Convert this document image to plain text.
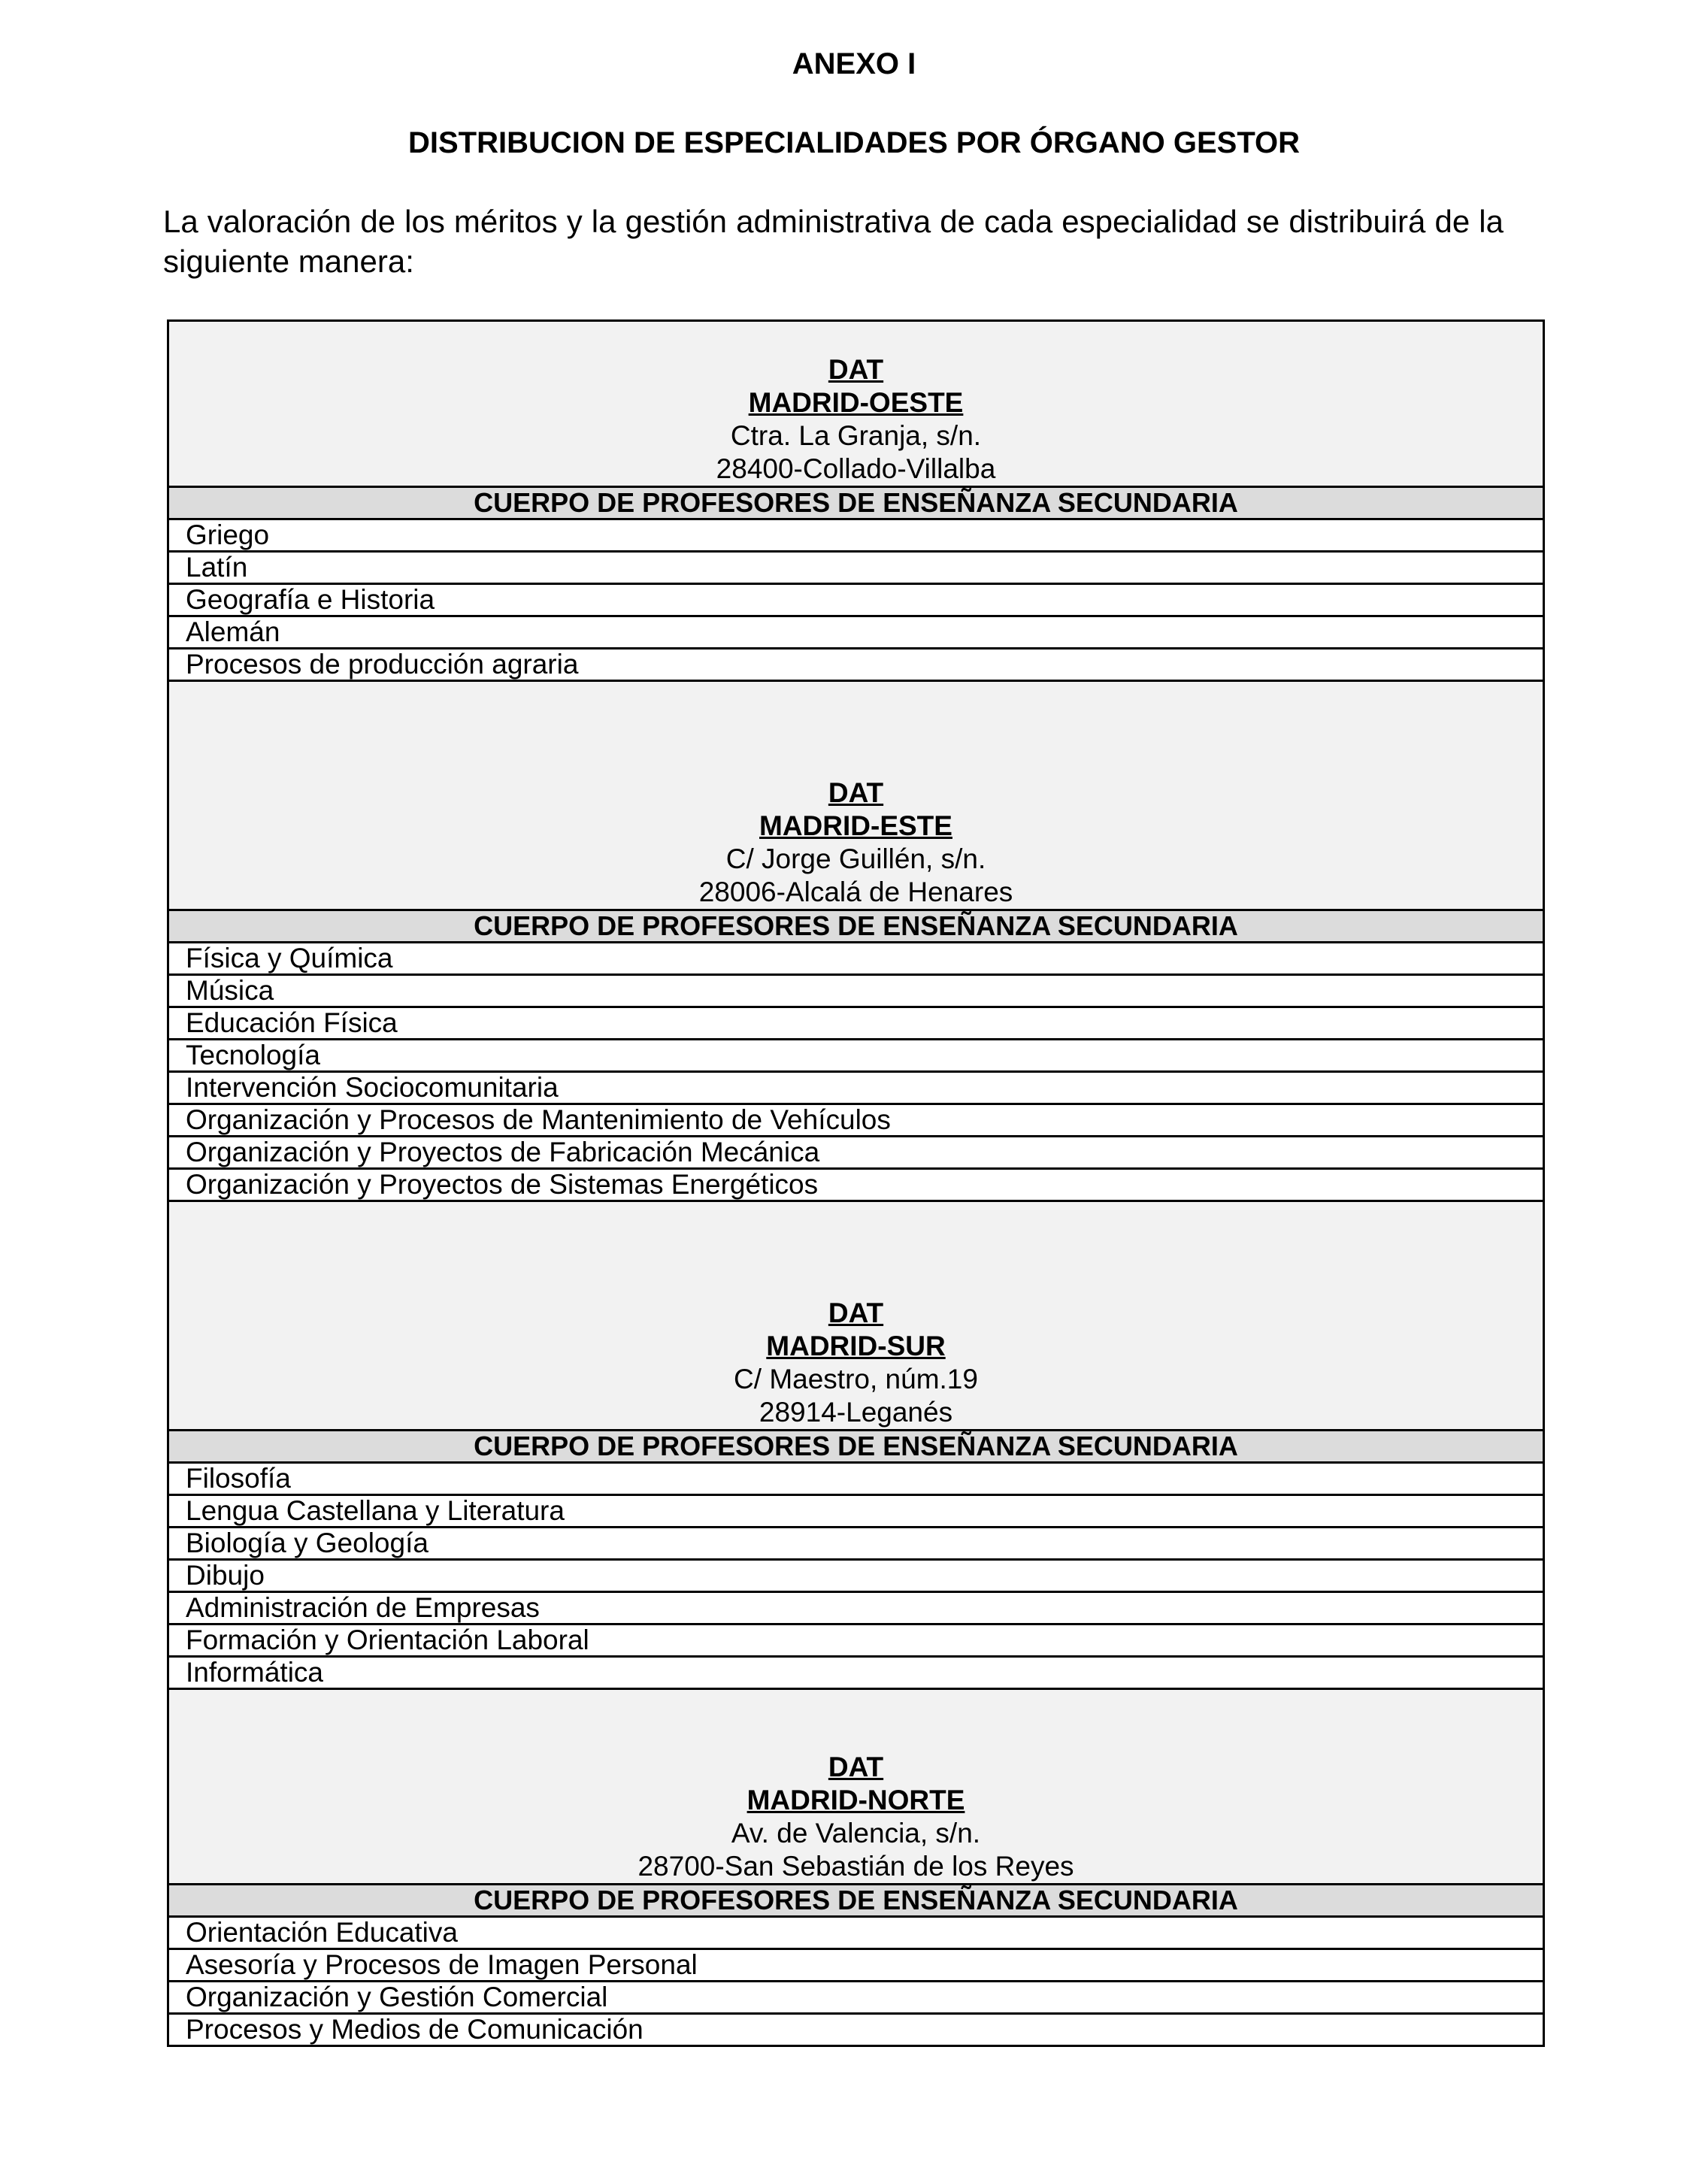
ANEXO I
DISTRIBUCION DE ESPECIALIDADES POR ÓRGANO GESTOR
La valoración de los méritos y la gestión administrativa de cada especialidad se distribuirá de la siguiente manera:
DAT
MADRID-OESTE
Ctra. La Granja, s/n.
28400-Collado-Villalba

CUERPO DE PROFESORES DE ENSEÑANZA SECUNDARIA
Griego
Latín
Geografía e Historia
Alemán
Procesos de producción agraria

DAT
MADRID-ESTE
C/ Jorge Guillén, s/n.
28006-Alcalá de Henares

CUERPO DE PROFESORES DE ENSEÑANZA SECUNDARIA
Física y Química
Música
Educación Física
Tecnología
Intervención Sociocomunitaria
Organización y Procesos de Mantenimiento de Vehículos
Organización y Proyectos de Fabricación Mecánica
Organización y Proyectos de Sistemas Energéticos

DAT
MADRID-SUR
C/ Maestro, núm.19
28914-Leganés

CUERPO DE PROFESORES DE ENSEÑANZA SECUNDARIA
Filosofía
Lengua Castellana y Literatura
Biología y Geología
Dibujo
Administración de Empresas
Formación y Orientación Laboral
Informática

DAT
MADRID-NORTE
Av. de Valencia, s/n.
28700-San Sebastián de los Reyes

CUERPO DE PROFESORES DE ENSEÑANZA SECUNDARIA
Orientación Educativa
Asesoría y Procesos de Imagen Personal
Organización y Gestión Comercial
Procesos y Medios de Comunicación
